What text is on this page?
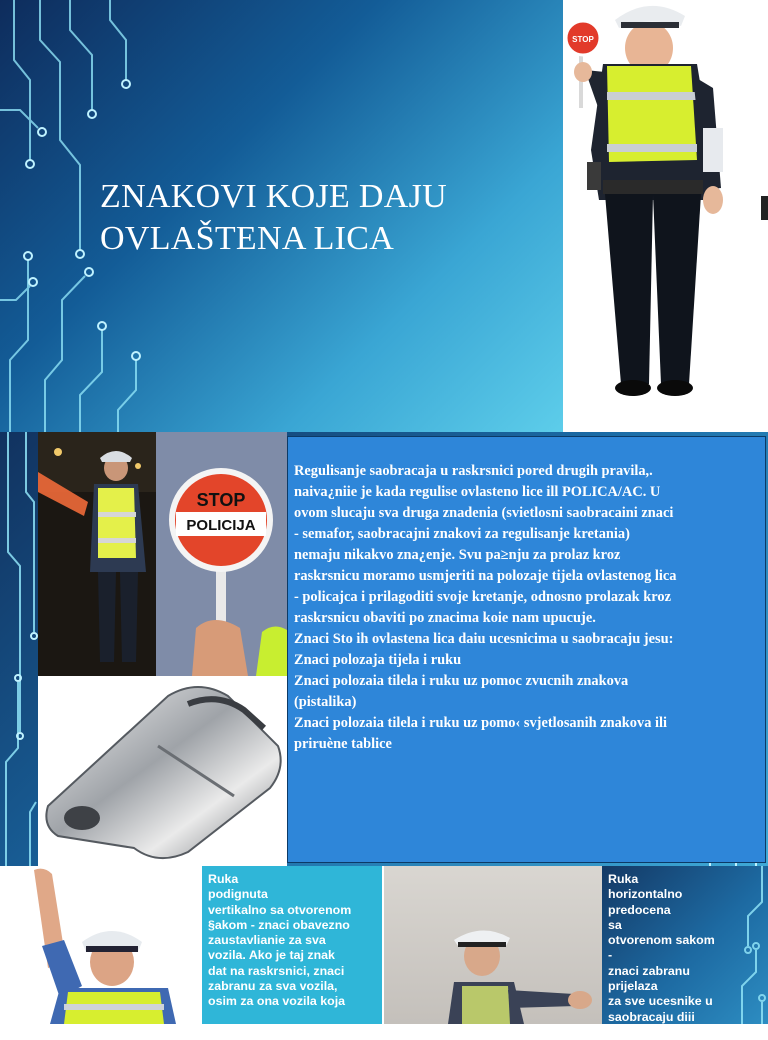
ZNAKOVI KOJE DAJU
OVLAŠTENA LICA
STOP
STOP
POLICIJA
Regulisanje saobracaja u raskrsnici pored drugih pravila,.
naiva¿niie je kada regulise ovlasteno lice ill POLICA/AC. U
ovom slucaju sva druga znadenia (svietlosni saobracaini znaci
- semafor, saobracajni znakovi za regulisanje kretania)
nemaju nikakvo zna¿enje. Svu pa≥nju za prolaz kroz
raskrsnicu moramo usmjeriti na polozaje tijela ovlastenog lica
- policajca i prilagoditi svoje kretanje, odnosno prolazak kroz
raskrsnicu obaviti po znacima koie nam upucuje.
Znaci Sto ih ovlastena lica daiu ucesnicima u saobracaju jesu:
Znaci polozaja tijela i ruku
Znaci polozaia tilela i ruku uz pomoc zvucnih znakova
(pistalika)
Znaci polozaia tilela i ruku uz pomo‹ svjetlosanih znakova ili
priruène tablice
Ruka
podignuta
vertikalno sa otvorenom
§akom - znaci obavezno
zaustavlianie za sva
vozila. Ako je taj znak
dat na raskrsnici, znaci
zabranu za sva vozila,
osim za ona vozila koja
Ruka
horizontalno
predocena
sa
otvorenom sakom
-
znaci zabranu prijelaza
za sve ucesnike u
saobracaju diii smier
